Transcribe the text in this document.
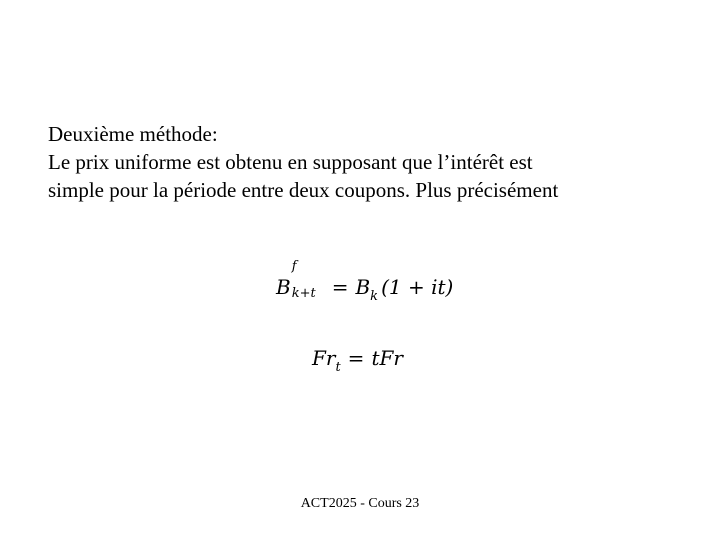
Deuxième méthode:
Le prix uniforme est obtenu en supposant que l’intérêt est
simple pour la période entre deux coupons. Plus précisément
B
f
$k+t = B_k$ (1 + it)
$Fr_t$ = tFr
ACT2025 - Cours 23
